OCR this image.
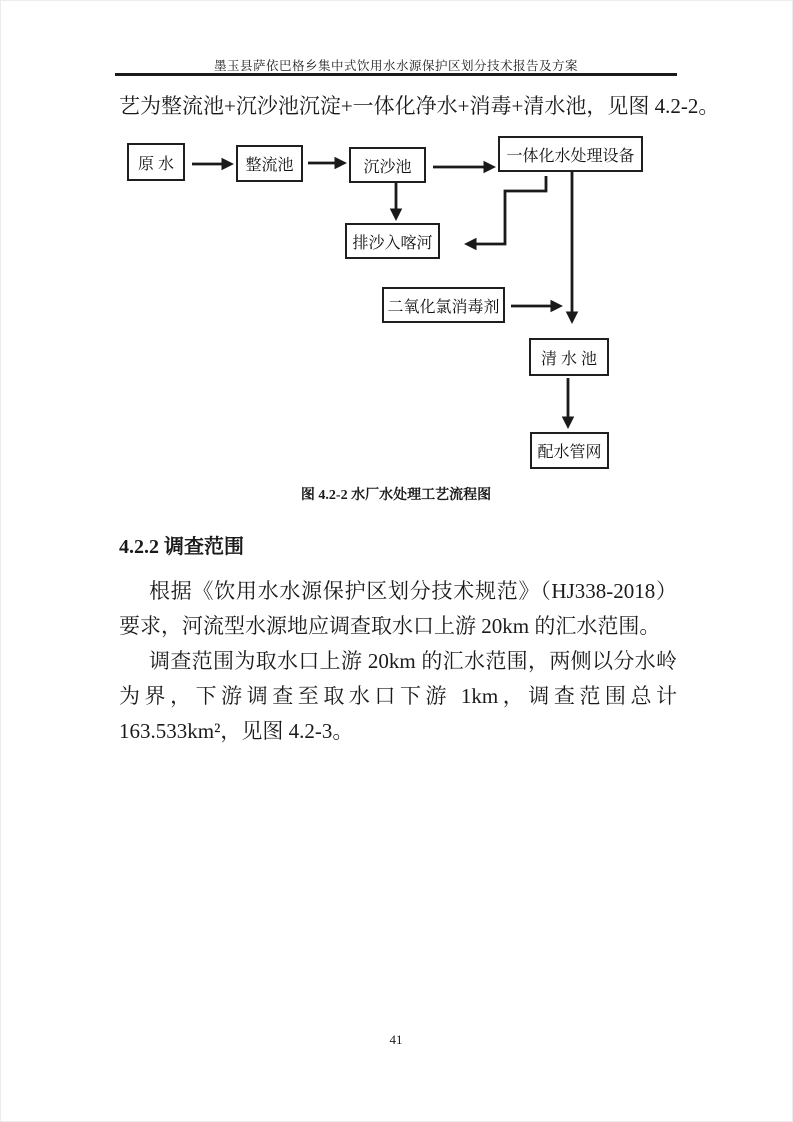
墨玉县萨依巴格乡集中式饮用水水源保护区划分技术报告及方案
艺为整流池+沉沙池沉淀+一体化净水+消毒+清水池，见图 4.2-2。
原 水	整流池	沉沙池
一体化水处理设备
排沙入喀河
二氧化氯消毒剂
清 水 池
配水管网
图 4.2-2 水厂水处理工艺流程图
4.2.2 调查范围

根据《饮用水水源保护区划分技术规范》（HJ338-2018）要求，河流型水源地应调查取水口上游 20km 的汇水范围。

调查范围为取水口上游 20km 的汇水范围，两侧以分水岭为界，下游调查至取水口下游 1km，调查范围总计 163.533km²，见图 4.2-3。

41
